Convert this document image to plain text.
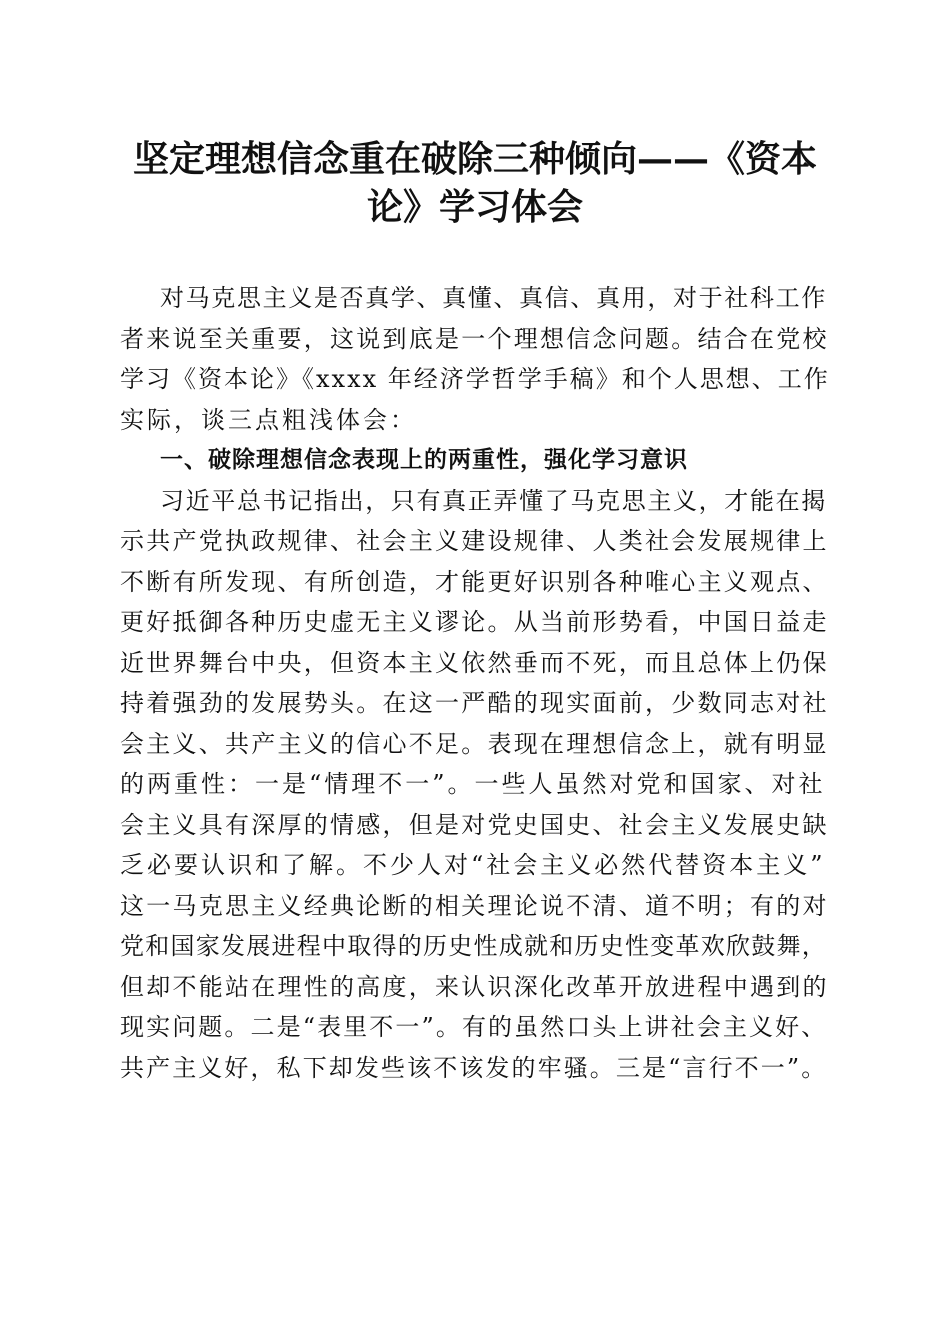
坚定理想信念重在破除三种倾向——《资本
论》学习体会

对马克思主义是否真学、真懂、真信、真用，对于社科工作
者来说至关重要，这说到底是一个理想信念问题。结合在党校
学习《资本论》《xxxx 年经济学哲学手稿》和个人思想、工作
实际，谈三点粗浅体会：

一、破除理想信念表现上的两重性，强化学习意识

习近平总书记指出，只有真正弄懂了马克思主义，才能在揭
示共产党执政规律、社会主义建设规律、人类社会发展规律上
不断有所发现、有所创造，才能更好识别各种唯心主义观点、
更好抵御各种历史虚无主义谬论。从当前形势看，中国日益走
近世界舞台中央，但资本主义依然垂而不死，而且总体上仍保
持着强劲的发展势头。在这一严酷的现实面前，少数同志对社
会主义、共产主义的信心不足。表现在理想信念上，就有明显
的两重性：一是“情理不一”。一些人虽然对党和国家、对社
会主义具有深厚的情感，但是对党史国史、社会主义发展史缺
乏必要认识和了解。不少人对“社会主义必然代替资本主义”
这一马克思主义经典论断的相关理论说不清、道不明；有的对
党和国家发展进程中取得的历史性成就和历史性变革欢欣鼓舞，
但却不能站在理性的高度，来认识深化改革开放进程中遇到的
现实问题。二是“表里不一”。有的虽然口头上讲社会主义好、
共产主义好，私下却发些该不该发的牢骚。三是“言行不一”。
